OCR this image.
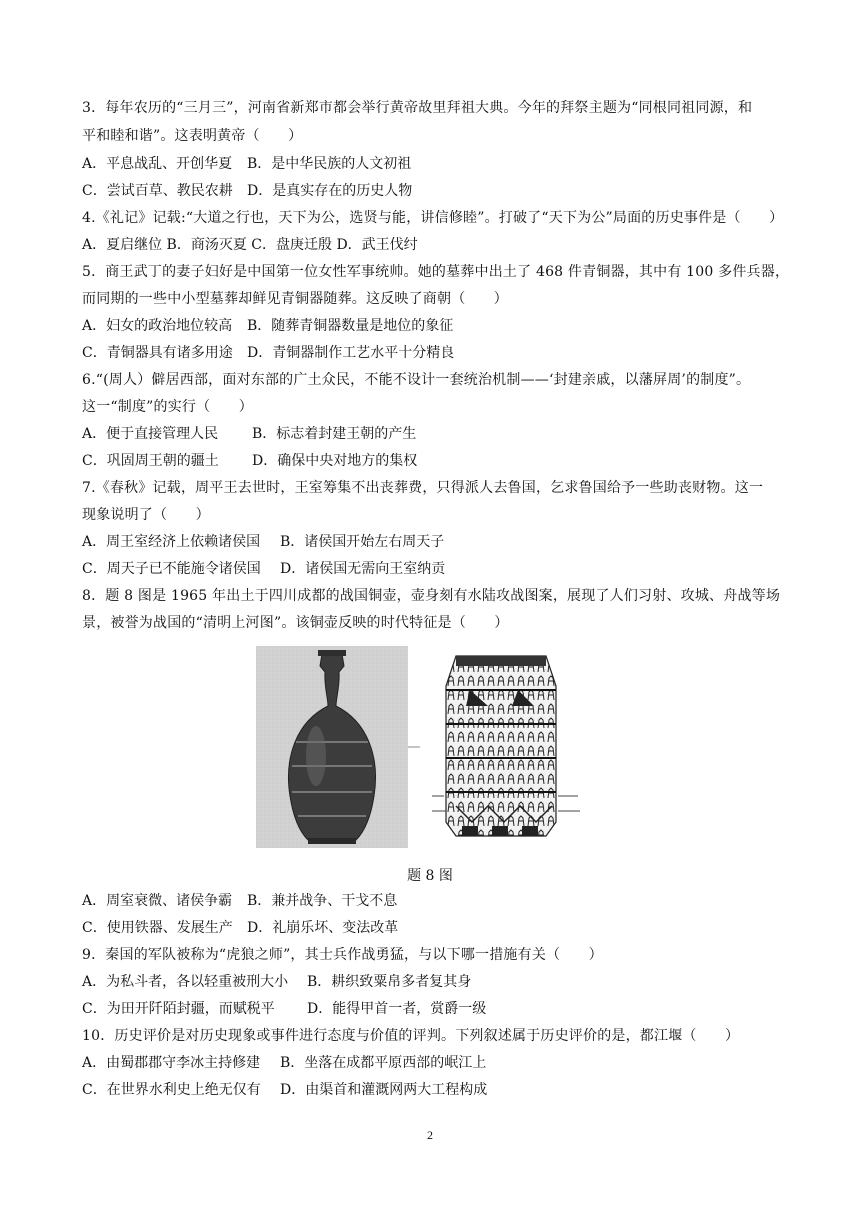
3．每年农历的“三月三”，河南省新郑市都会举行黄帝故里拜祖大典。今年的拜祭主题为“同根同祖同源，和
平和睦和谐”。这表明黄帝（　　）
A．平息战乱、开创华夏 B．是中华民族的人文初祖
C．尝试百草、教民农耕 D．是真实存在的历史人物
4.《礼记》记载:“大道之行也，天下为公，选贤与能，讲信修睦”。打破了“天下为公”局面的历史事件是（　　）
A．夏启继位 B．商汤灭夏 C．盘庚迁殷 D．武王伐纣
5．商王武丁的妻子妇好是中国第一位女性军事统帅。她的墓葬中出土了 468 件青铜器，其中有 100 多件兵器，
而同期的一些中小型墓葬却鲜见青铜器随葬。这反映了商朝（　　）
A．妇女的政治地位较高 B．随葬青铜器数量是地位的象征
C．青铜器具有诸多用途 D．青铜器制作工艺水平十分精良
6.“(周人）僻居西部，面对东部的广土众民，不能不设计一套统治机制——‘封建亲戚，以藩屏周’的制度”。
这一“制度”的实行（　　）
A．便于直接管理人民 B．标志着封建王朝的产生
C．巩固周王朝的疆土 D．确保中央对地方的集权
7.《春秋》记载，周平王去世时，王室筹集不出丧葬费，只得派人去鲁国，乞求鲁国给予一些助丧财物。这一
现象说明了（　　）
A．周王室经济上依赖诸侯国 B．诸侯国开始左右周天子
C．周天子已不能施令诸侯国 D．诸侯国无需向王室纳贡
8．题 8 图是 1965 年出土于四川成都的战国铜壶，壶身刻有水陆攻战图案，展现了人们习射、攻城、舟战等场
景，被誉为战国的“清明上河图”。该铜壶反映的时代特征是（　　）
题 8 图
A．周室衰微、诸侯争霸 B．兼并战争、干戈不息
C．使用铁器、发展生产 D．礼崩乐坏、变法改革
9．秦国的军队被称为“虎狼之师”，其士兵作战勇猛，与以下哪一措施有关（　　）
A．为私斗者，各以轻重被刑大小 B．耕织致粟帛多者复其身
C．为田开阡陌封疆，而赋税平 D．能得甲首一者，赏爵一级
10．历史评价是对历史现象或事件进行态度与价值的评判。下列叙述属于历史评价的是，都江堰（　　）
A．由蜀郡郡守李冰主持修建 B．坐落在成都平原西部的岷江上
C．在世界水利史上绝无仅有 D．由渠首和灌溉网两大工程构成
2
